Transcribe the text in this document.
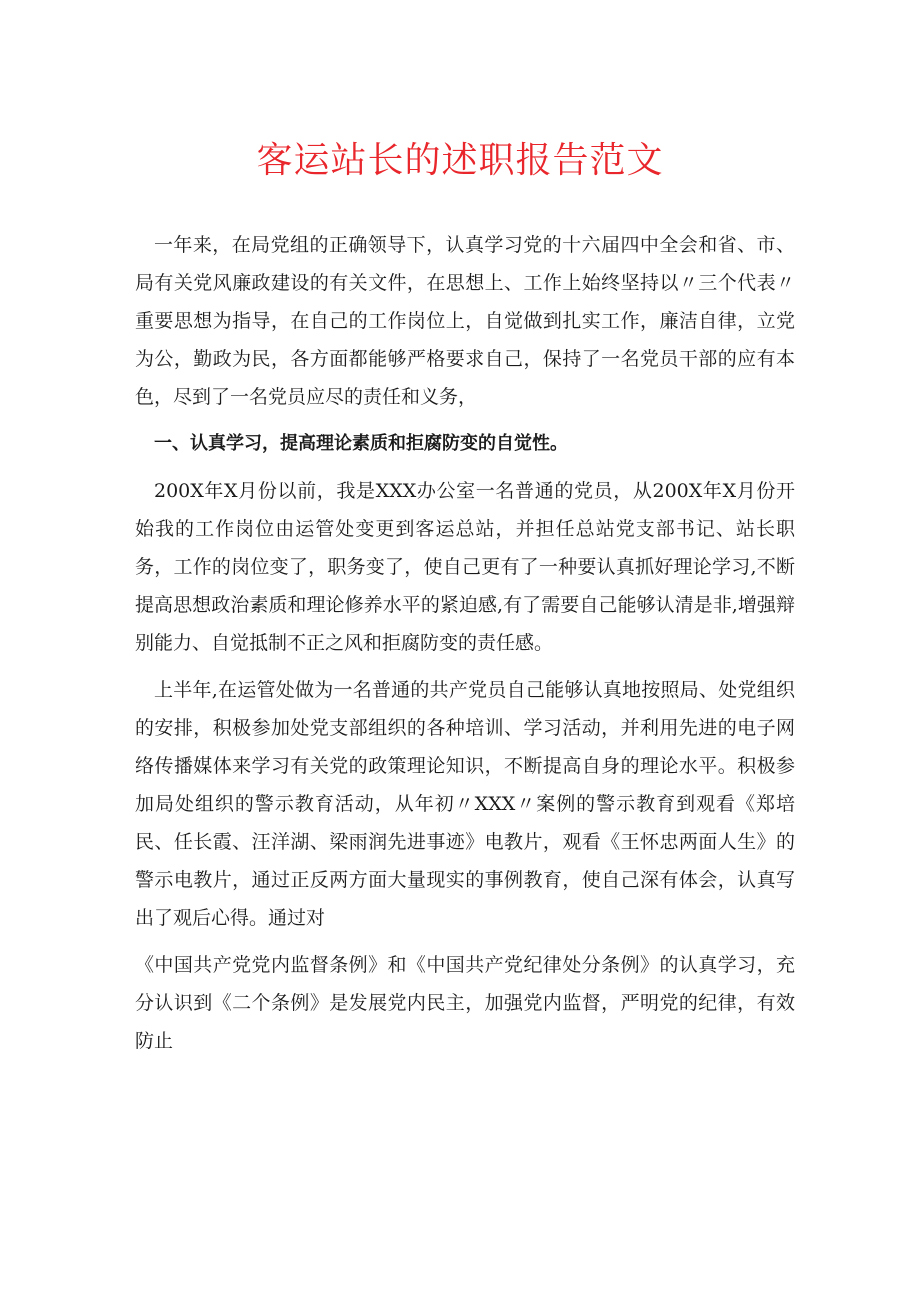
客运站长的述职报告范文

一年来，在局党组的正确领导下，认真学习党的十六届四中全会和省、市、局有关党风廉政建设的有关文件，在思想上、工作上始终坚持以〃三个代表〃重要思想为指导，在自己的工作岗位上，自觉做到扎实工作，廉洁自律，立党为公，勤政为民，各方面都能够严格要求自己，保持了一名党员干部的应有本色，尽到了一名党员应尽的责任和义务，

一、认真学习，提高理论素质和拒腐防变的自觉性。

200X年X月份以前，我是XXX办公室一名普通的党员，从200X年X月份开始我的工作岗位由运管处变更到客运总站，并担任总站党支部书记、站长职务，工作的岗位变了，职务变了，使自己更有了一种要认真抓好理论学习,不断提高思想政治素质和理论修养水平的紧迫感,有了需要自己能够认清是非,增强辩别能力、自觉抵制不正之风和拒腐防变的责任感。

上半年,在运管处做为一名普通的共产党员自己能够认真地按照局、处党组织的安排，积极参加处党支部组织的各种培训、学习活动，并利用先进的电子网络传播媒体来学习有关党的政策理论知识，不断提高自身的理论水平。积极参加局处组织的警示教育活动，从年初〃XXX〃案例的警示教育到观看《郑培民、任长霞、汪洋湖、梁雨润先进事迹》电教片，观看《王怀忠两面人生》的警示电教片，通过正反两方面大量现实的事例教育，使自己深有体会，认真写出了观后心得。通过对

《中国共产党党内监督条例》和《中国共产党纪律处分条例》的认真学习，充分认识到《二个条例》是发展党内民主，加强党内监督，严明党的纪律，有效防止
